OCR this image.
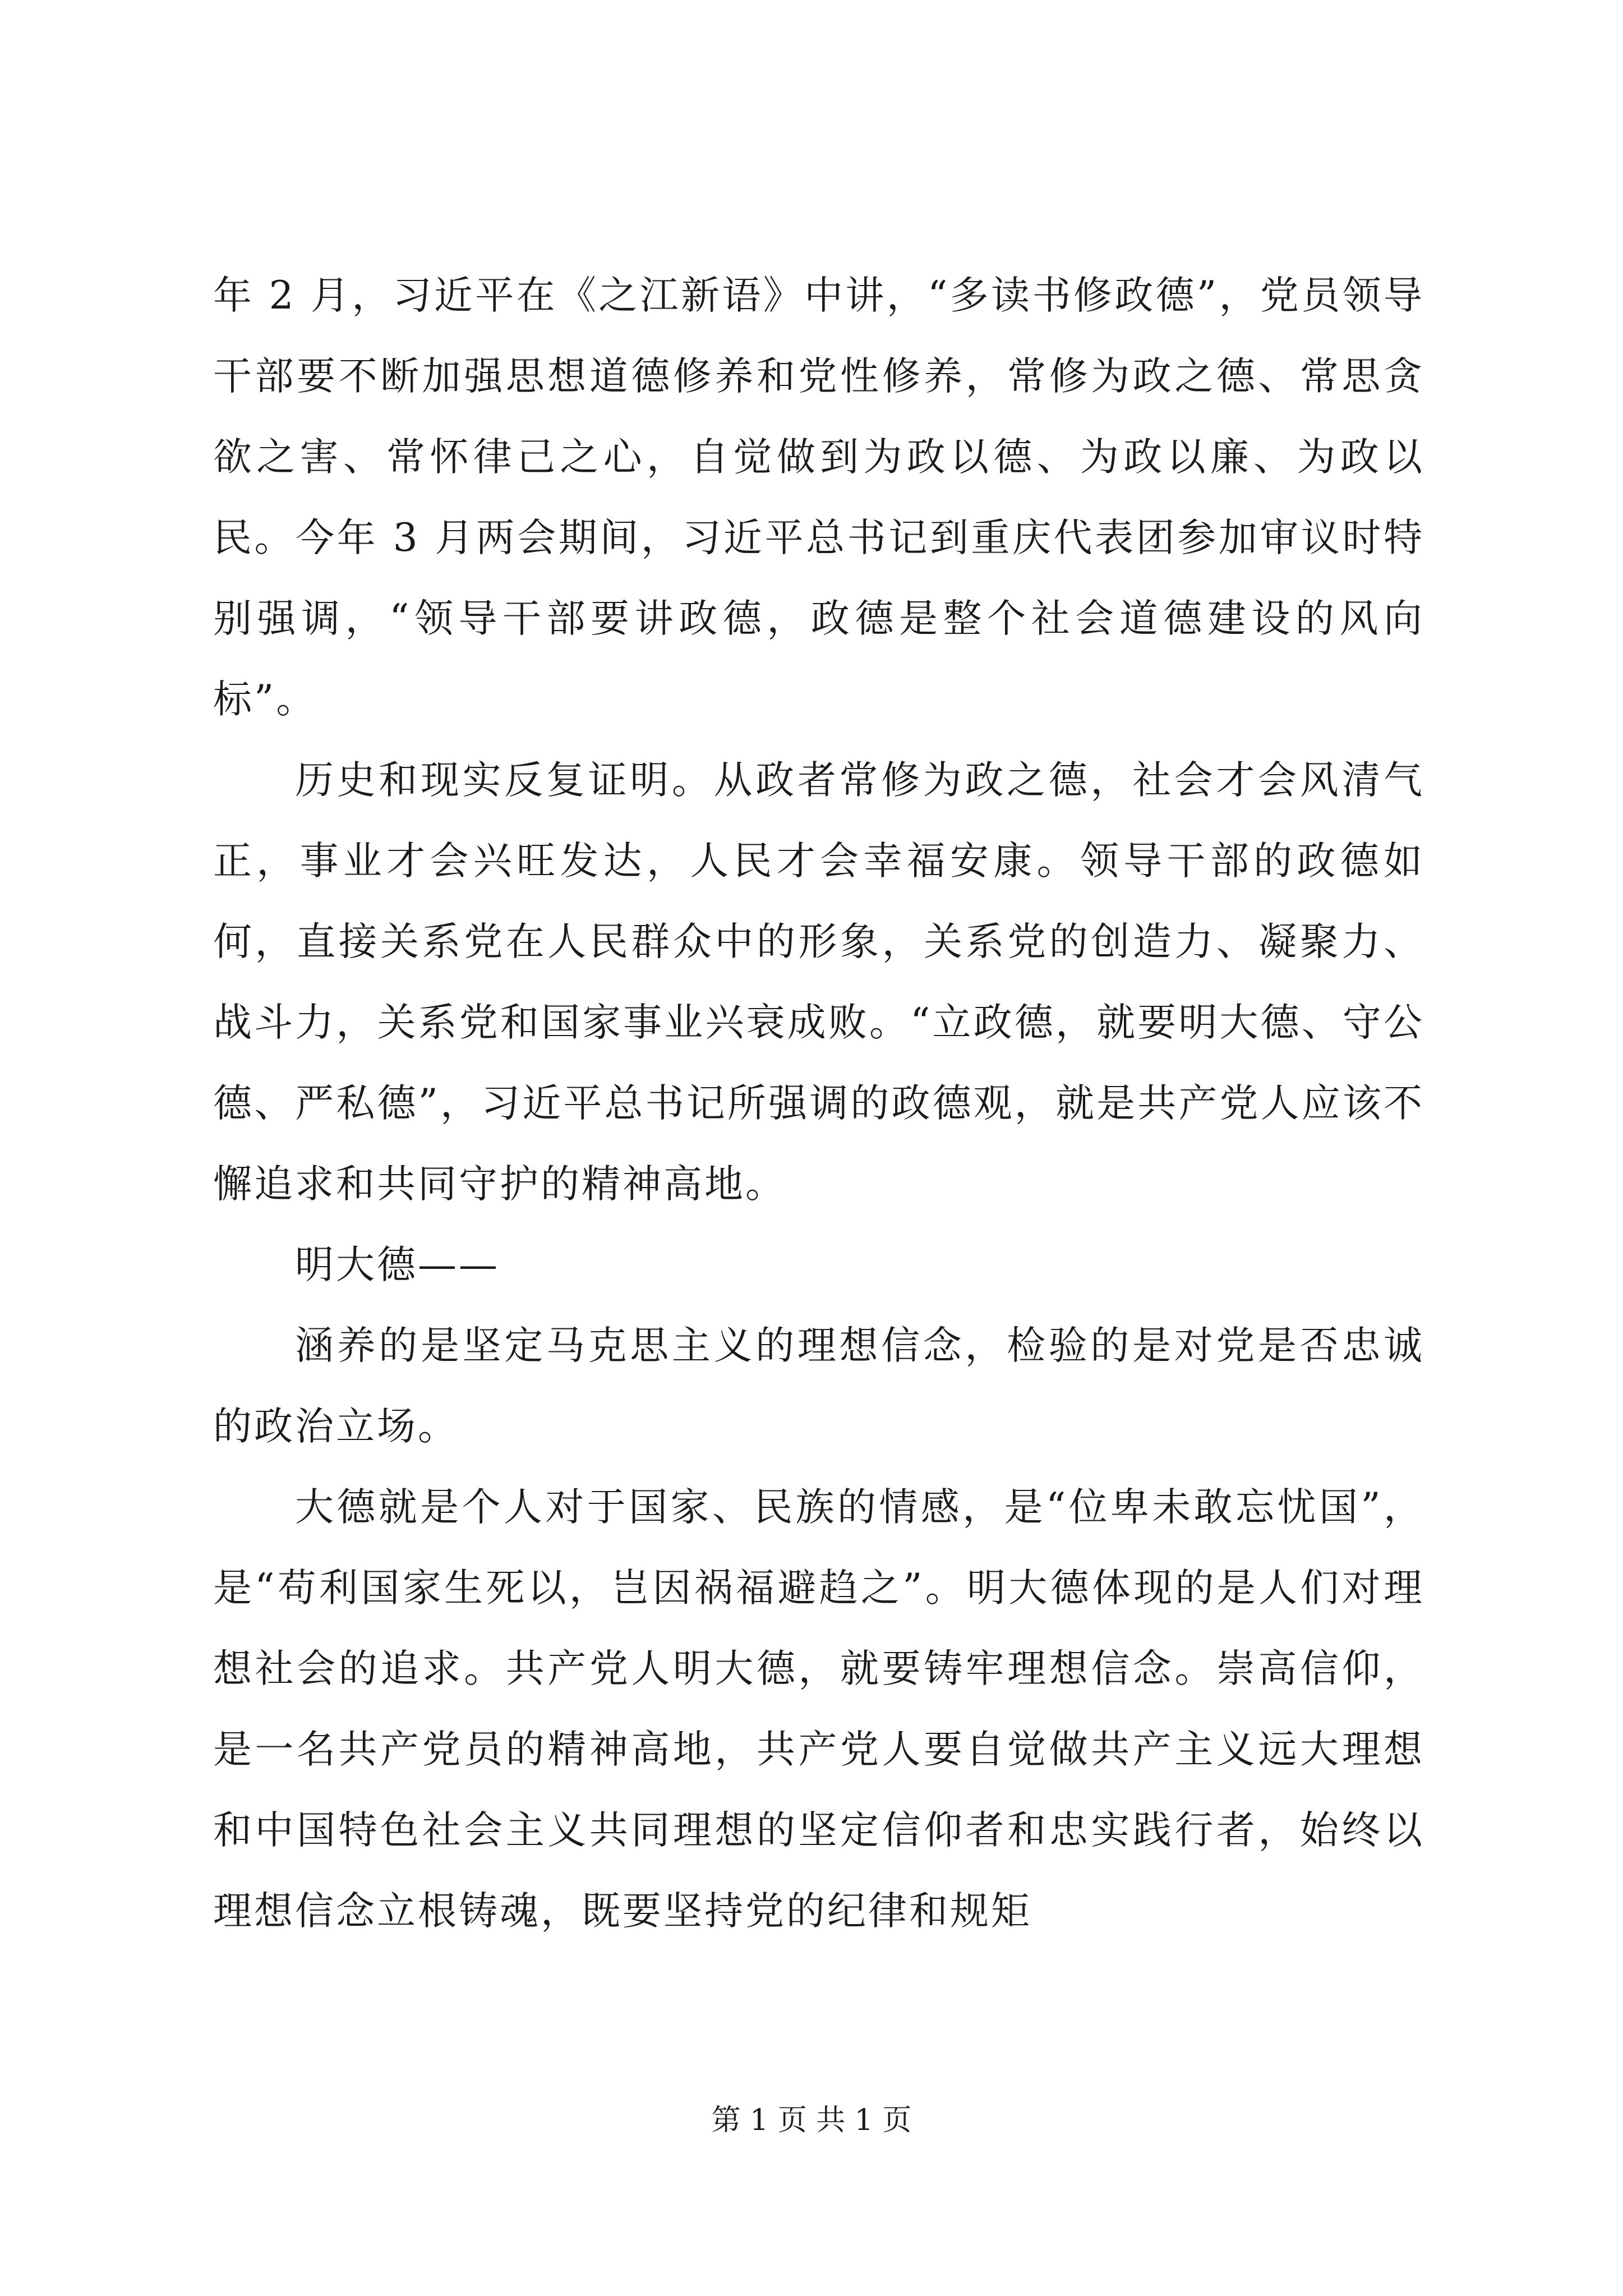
年 2 月，习近平在《之江新语》中讲，“多读书修政德”，党员领导干部要不断加强思想道德修养和党性修养，常修为政之德、常思贪欲之害、常怀律己之心，自觉做到为政以德、为政以廉、为政以民。今年 3 月两会期间，习近平总书记到重庆代表团参加审议时特别强调，“领导干部要讲政德，政德是整个社会道德建设的风向标”。

历史和现实反复证明。从政者常修为政之德，社会才会风清气正，事业才会兴旺发达，人民才会幸福安康。领导干部的政德如何，直接关系党在人民群众中的形象，关系党的创造力、凝聚力、战斗力，关系党和国家事业兴衰成败。“立政德，就要明大德、守公德、严私德”，习近平总书记所强调的政德观，就是共产党人应该不懈追求和共同守护的精神高地。

明大德——

涵养的是坚定马克思主义的理想信念，检验的是对党是否忠诚的政治立场。

大德就是个人对于国家、民族的情感，是“位卑未敢忘忧国”，是“苟利国家生死以，岂因祸福避趋之”。明大德体现的是人们对理想社会的追求。共产党人明大德，就要铸牢理想信念。崇高信仰，是一名共产党员的精神高地，共产党人要自觉做共产主义远大理想和中国特色社会主义共同理想的坚定信仰者和忠实践行者，始终以理想信念立根铸魂，既要坚持党的纪律和规矩

第 1 页 共 1 页
